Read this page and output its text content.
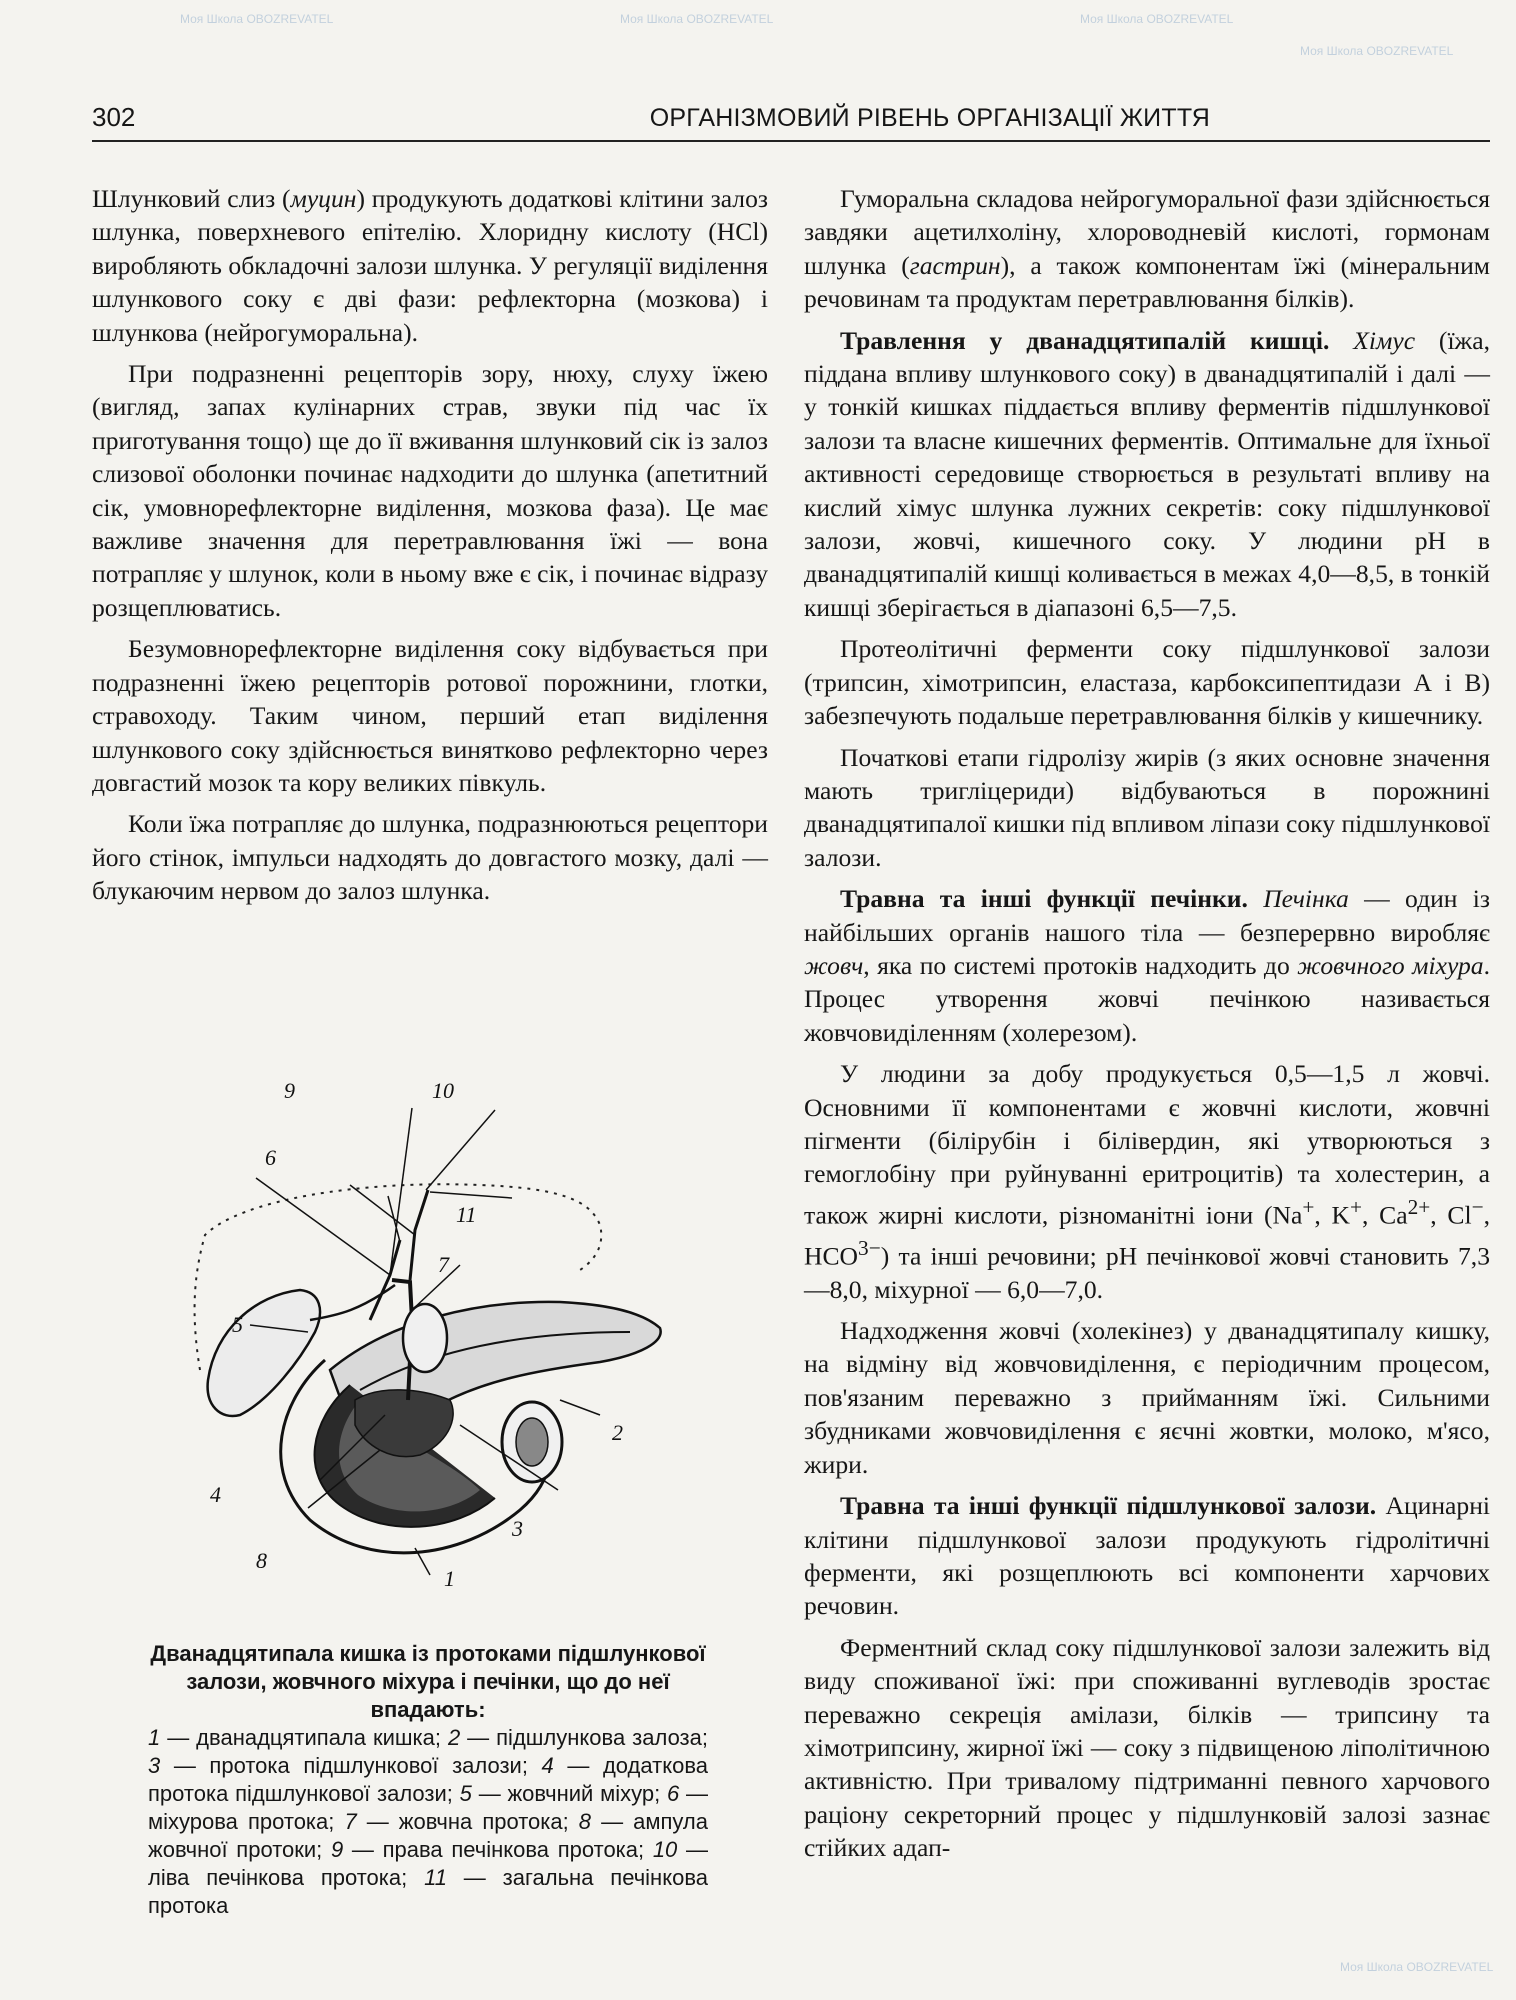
302	ОРГАНІЗМОВИЙ РІВЕНЬ ОРГАНІЗАЦІЇ ЖИТТЯ
Моя Школа OBOZREVATEL	Моя Школа OBOZREVATEL	Моя Школа OBOZREVATEL
Моя Школа OBOZREVATEL
Моя Школа OBOZREVATEL

Шлунковий слиз (муцин) продукують додаткові клітини залоз шлунка, поверхневого епітелію. Хлоридну кислоту (HCl) виробляють обкладочні залози шлунка. У регуляції виділення шлункового соку є дві фази: рефлекторна (мозкова) і шлункова (нейрогуморальна).

При подразненні рецепторів зору, нюху, слуху їжею (вигляд, запах кулінарних страв, звуки під час їх приготування тощо) ще до її вживання шлунковий сік із залоз слизової оболонки починає надходити до шлунка (апетитний сік, умовнорефлекторне виділення, мозкова фаза). Це має важливе значення для перетравлювання їжі — вона потрапляє у шлунок, коли в ньому вже є сік, і починає відразу розщеплюватись.

Безумовнорефлекторне виділення соку відбувається при подразненні їжею рецепторів ротової порожнини, глотки, стравоходу. Таким чином, перший етап виділення шлункового соку здійснюється винятково рефлекторно через довгастий мозок та кору великих півкуль.

Коли їжа потрапляє до шлунка, подразнюються рецептори його стінок, імпульси надходять до довгастого мозку, далі — блукаючим нервом до залоз шлунка.

9	10
6
11
7
5
2
4
3
8
1
Дванадцятипала кишка із протоками підшлункової залози, жовчного міхура і печінки, що до неї впадають:
1 — дванадцятипала кишка; 2 — підшлункова залоза; 3 — протока підшлункової залози; 4 — додаткова протока підшлункової залози; 5 — жовчний міхур; 6 — міхурова протока; 7 — жовчна протока; 8 — ампула жовчної протоки; 9 — права печінкова протока; 10 — ліва печінкова протока; 11 — загальна печінкова протока

Гуморальна складова нейрогуморальної фази здійснюється завдяки ацетилхоліну, хлороводневій кислоті, гормонам шлунка (гастрин), а також компонентам їжі (мінеральним речовинам та продуктам перетравлювання білків).

Травлення у дванадцятипалій кишці. Хімус (їжа, піддана впливу шлункового соку) в дванадцятипалій і далі — у тонкій кишках піддається впливу ферментів підшлункової залози та власне кишечних ферментів. Оптимальне для їхньої активності середовище створюється в результаті впливу на кислий хімус шлунка лужних секретів: соку підшлункової залози, жовчі, кишечного соку. У людини pH в дванадцятипалій кишці коливається в межах 4,0—8,5, в тонкій кишці зберігається в діапазоні 6,5—7,5.

Протеолітичні ферменти соку підшлункової залози (трипсин, хімотрипсин, еластаза, карбоксипептидази А і В) забезпечують подальше перетравлювання білків у кишечнику.

Початкові етапи гідролізу жирів (з яких основне значення мають тригліцериди) відбуваються в порожнині дванадцятипалої кишки під впливом ліпази соку підшлункової залози.

Травна та інші функції печінки. Печінка — один із найбільших органів нашого тіла — безперервно виробляє жовч, яка по системі протоків надходить до жовчного міхура. Процес утворення жовчі печінкою називається жовчовиділенням (холерезом).

У людини за добу продукується 0,5—1,5 л жовчі. Основними її компонентами є жовчні кислоти, жовчні пігменти (білірубін і білівердин, які утворюються з гемоглобіну при руйнуванні еритроцитів) та холестерин, а також жирні кислоти, різноманітні іони (Na+, K+, $Ca^{2+}$, Cl−, $HCO^{3-}$) та інші речовини; pH печінкової жовчі становить 7,3—8,0, міхурної — 6,0—7,0.

Надходження жовчі (холекінез) у дванадцятипалу кишку, на відміну від жовчовиділення, є періодичним процесом, пов'язаним переважно з прийманням їжі. Сильними збудниками жовчовиділення є яєчні жовтки, молоко, м'ясо, жири.

Травна та інші функції підшлункової залози. Ацинарні клітини підшлункової залози продукують гідролітичні ферменти, які розщеплюють всі компоненти харчових речовин.

Ферментний склад соку підшлункової залози залежить від виду споживаної їжі: при споживанні вуглеводів зростає переважно секреція амілази, білків — трипсину та хімотрипсину, жирної їжі — соку з підвищеною ліполітичною активністю. При тривалому підтриманні певного харчового раціону секреторний процес у підшлунковій залозі зазнає стійких адап-
